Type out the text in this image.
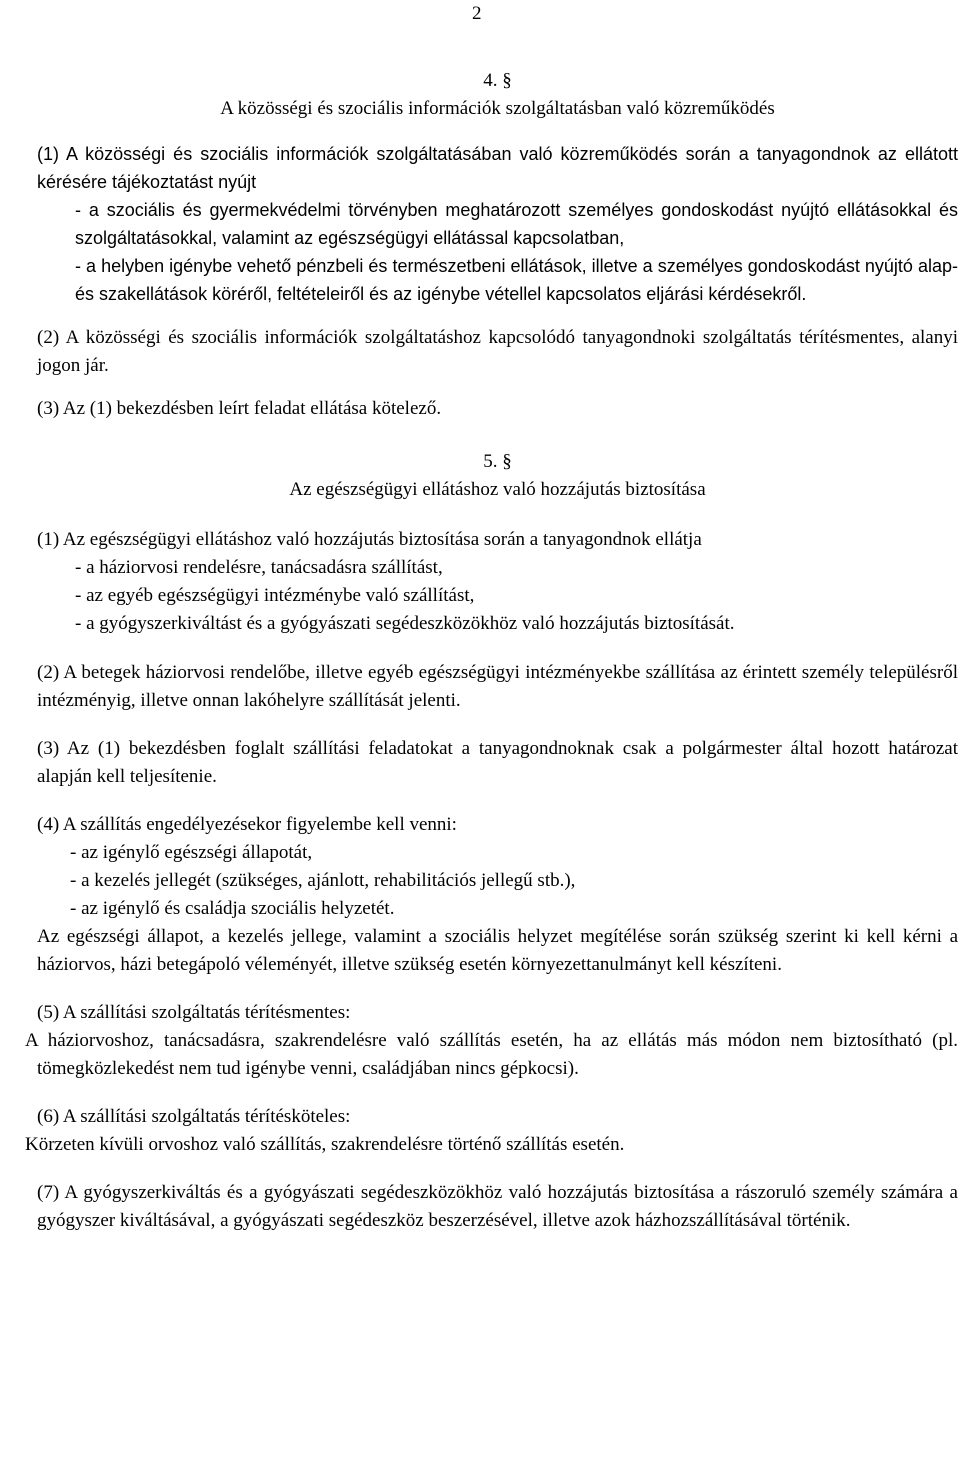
2

4. §

A közösségi és szociális információk szolgáltatásban való közreműködés

(1) A közösségi és szociális információk szolgáltatásában való közreműködés során a tanyagondnok az ellátott kérésére tájékoztatást nyújt

- a szociális és gyermekvédelmi törvényben meghatározott személyes gondoskodást nyújtó ellátásokkal és szolgáltatásokkal, valamint az egészségügyi ellátással kapcsolatban,

- a helyben igénybe vehető pénzbeli és természetbeni ellátások, illetve a személyes gondoskodást nyújtó alap- és szakellátások köréről, feltételeiről és az igénybe vétellel kapcsolatos eljárási kérdésekről.

(2) A közösségi és szociális információk szolgáltatáshoz kapcsolódó tanyagondnoki szolgáltatás térítésmentes, alanyi jogon jár.

(3) Az (1) bekezdésben leírt feladat ellátása kötelező.

5. §

Az egészségügyi ellátáshoz való hozzájutás biztosítása

(1) Az egészségügyi ellátáshoz való hozzájutás biztosítása során a tanyagondnok ellátja

- a háziorvosi rendelésre, tanácsadásra szállítást,

- az egyéb egészségügyi intézménybe való szállítást,

- a gyógyszerkiváltást és a gyógyászati segédeszközökhöz való hozzájutás biztosítását.

(2) A betegek háziorvosi rendelőbe, illetve egyéb egészségügyi intézményekbe szállítása az érintett személy településről intézményig, illetve onnan lakóhelyre szállítását jelenti.

(3) Az (1) bekezdésben foglalt szállítási feladatokat a tanyagondnoknak csak a polgármester által hozott határozat alapján kell teljesítenie.

(4) A szállítás engedélyezésekor figyelembe kell venni:

- az igénylő egészségi állapotát,

- a kezelés jellegét (szükséges, ajánlott, rehabilitációs jellegű stb.),

- az igénylő és családja szociális helyzetét.

Az egészségi állapot, a kezelés jellege, valamint a szociális helyzet megítélése során szükség szerint ki kell kérni a háziorvos, házi betegápoló véleményét, illetve szükség esetén környezettanulmányt kell készíteni.

(5) A szállítási szolgáltatás térítésmentes:

A háziorvoshoz, tanácsadásra, szakrendelésre való szállítás esetén, ha az ellátás más módon nem biztosítható (pl. tömegközlekedést nem tud igénybe venni, családjában nincs gépkocsi).

(6) A szállítási szolgáltatás térítésköteles:

Körzeten kívüli orvoshoz való szállítás, szakrendelésre történő szállítás esetén.

(7) A gyógyszerkiváltás és a gyógyászati segédeszközökhöz való hozzájutás biztosítása a rászoruló személy számára a gyógyszer kiváltásával, a gyógyászati segédeszköz beszerzésével, illetve azok házhozszállításával történik.
